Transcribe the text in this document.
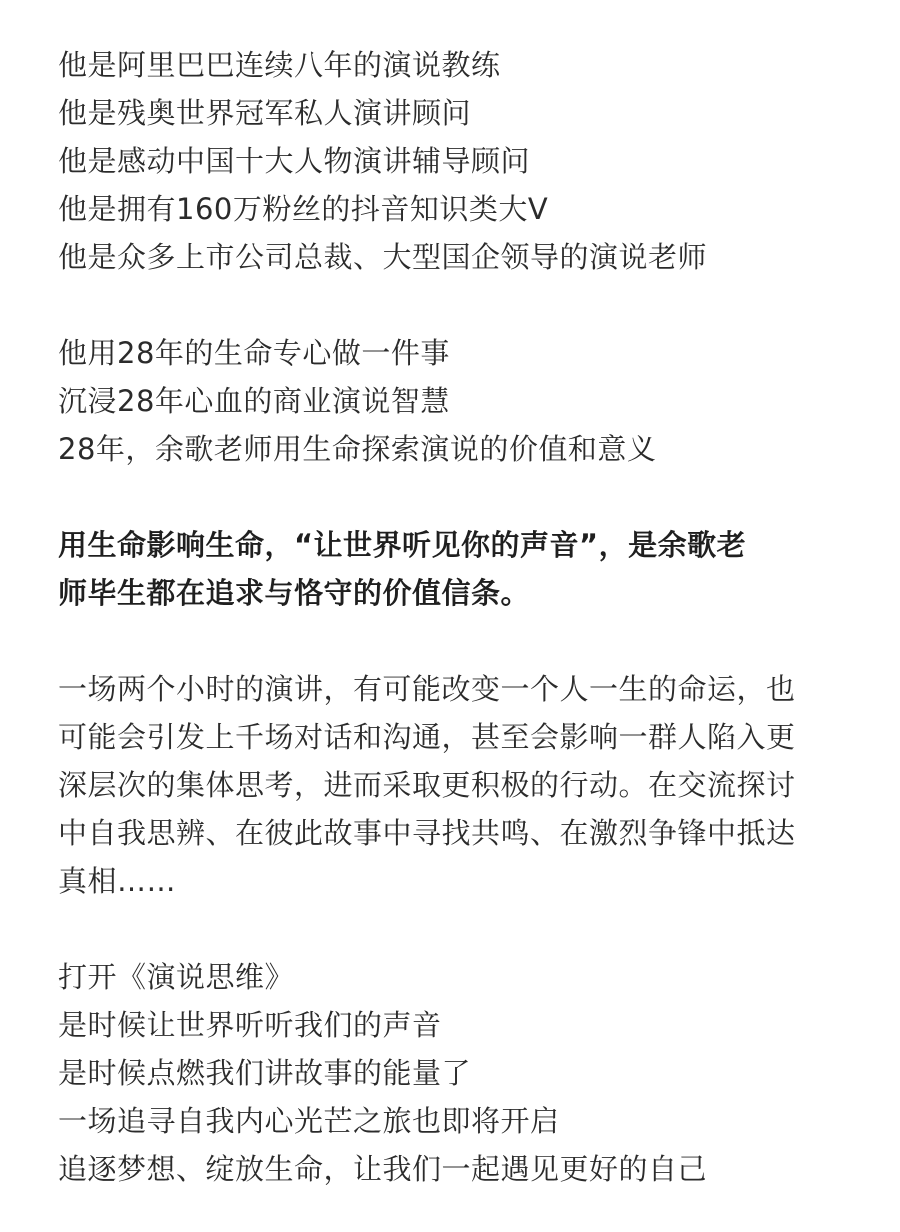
他是阿里巴巴连续八年的演说教练
他是残奥世界冠军私人演讲顾问
他是感动中国十大人物演讲辅导顾问
他是拥有160万粉丝的抖音知识类大V
他是众多上市公司总裁、大型国企领导的演说老师
他用28年的生命专心做一件事
沉浸28年心血的商业演说智慧
28年，余歌老师用生命探索演说的价值和意义
用生命影响生命，“让世界听见你的声音”，是余歌老
师毕生都在追求与恪守的价值信条。
一场两个小时的演讲，有可能改变一个人一生的命运，也
可能会引发上千场对话和沟通，甚至会影响一群人陷入更
深层次的集体思考，进而采取更积极的行动。在交流探讨
中自我思辨、在彼此故事中寻找共鸣、在激烈争锋中抵达
真相……
打开《演说思维》
是时候让世界听听我们的声音
是时候点燃我们讲故事的能量了
一场追寻自我内心光芒之旅也即将开启
追逐梦想、绽放生命，让我们一起遇见更好的自己
